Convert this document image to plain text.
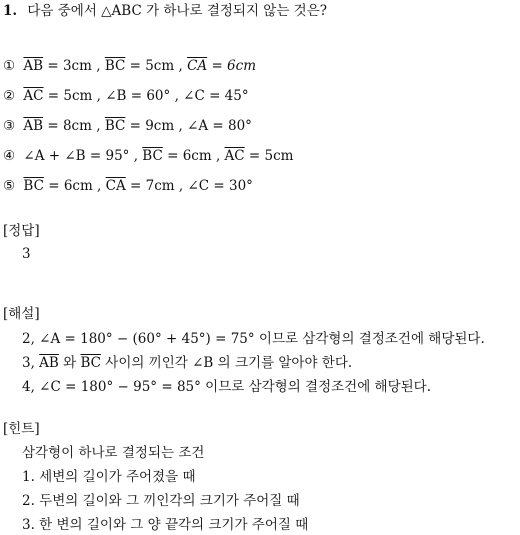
1. 다음 중에서 △ABC 가 하나로 결정되지 않는 것은?
① $\overline{AB} = 3cm$ , $\overline{BC} = 5cm$ , $\overline{CA} = 6cm$
② $\overline{AC} = 5cm$ , ∠B = 60° , ∠C = 45°
③ $\overline{AB} = 8cm$ , $\overline{BC} = 9cm$ , ∠A = 80°
④ ∠A + ∠B = 95° , $\overline{BC} = 6cm$ , $\overline{AC} = 5cm$
⑤ $\overline{BC} = 6cm$ , $\overline{CA} = 7cm$ , ∠C = 30°
[정답]
3
[해설]
2, ∠A = 180° − (60° + 45°) = 75° 이므로 삼각형의 결정조건에 해당된다.
3, $\overline{AB}$ 와 $\overline{BC}$ 사이의 끼인각 ∠B 의 크기를 알아야 한다.
4, ∠C = 180° − 95° = 85° 이므로 삼각형의 결정조건에 해당된다.
[힌트]
삼각형이 하나로 결정되는 조건
1. 세변의 길이가 주어졌을 때
2. 두변의 길이와 그 끼인각의 크기가 주어질 때
3. 한 변의 길이와 그 양 끝각의 크기가 주어질 때
